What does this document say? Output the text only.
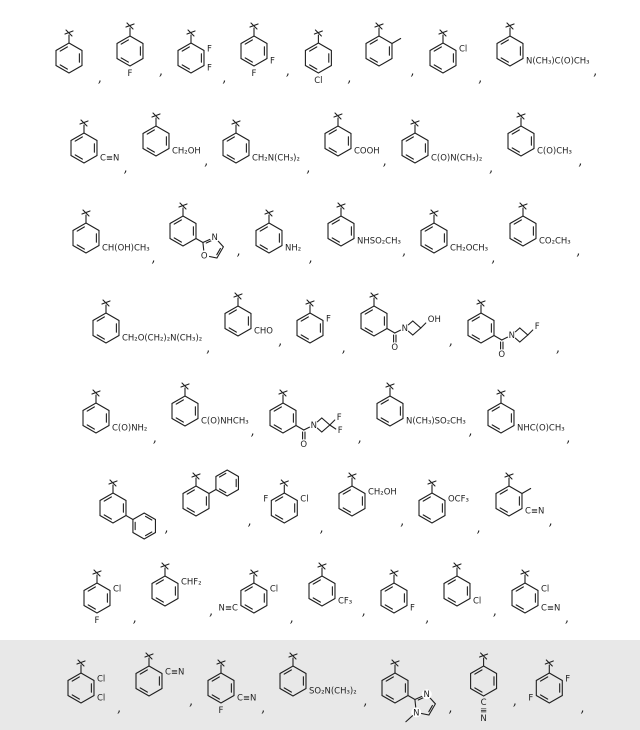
,	F ,
F
F
,
F
F ,
Cl ,	,
Cl
,
N(CH₃)C(O)CH₃
,
C≡N
,
CH₂OH
,	CH₂N(CH₃)₂
,
COOH
,	C(O)N(CH₃)₂
,
C(O)CH₃
,
CH(OH)CH₃
,
N
O ,	NH₂
,
NHSO₂CH₃
,	CH₂OCH₃
,
CO₂CH₃
,
CH₂O(CH₂)₂N(CH₃)₂
,
CHO
,
F
,	O
N
OH
,
O
N
F
,
C(O)NH₂
,
C(O)NHCH₃
,
O
N
F
F ,
N(CH₃)SO₂CH₃
,	NHC(O)CH₃
,
,	,
Cl
F
,
CH₂OH
,
OCF₃
,
C≡N
,
Cl
F	,
CHF₂
,
Cl
N≡C
,
CF₃
,	F
,
Cl
,
Cl
C≡N
,
Cl
Cl
,
C≡N
,	C≡N
F	,
SO₂N(CH₃)₂
,	N
N ,	C
≡
N
,
F
F
,
